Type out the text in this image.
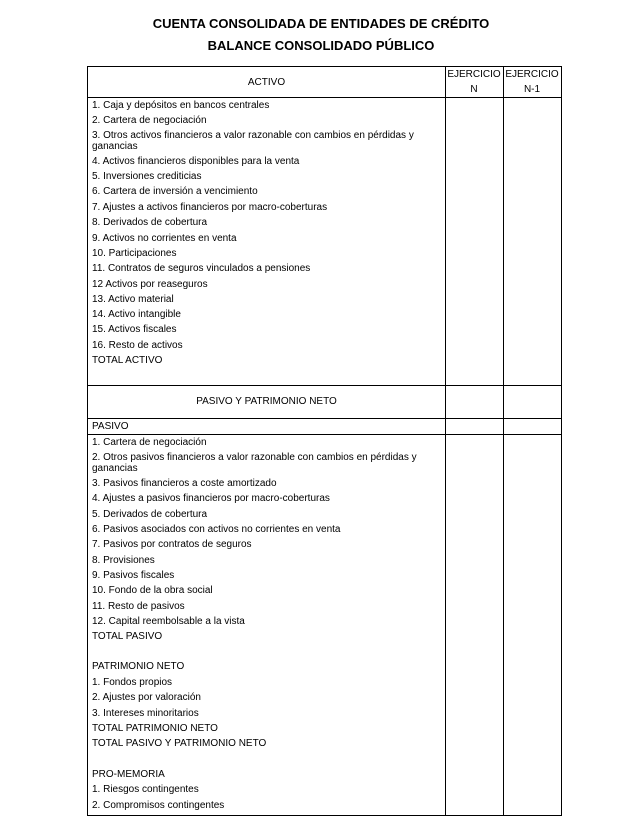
CUENTA CONSOLIDADA DE ENTIDADES DE CRÉDITO
BALANCE CONSOLIDADO PÚBLICO
ACTIVO
EJERCICIO
N
EJERCICIO
N-1
PASIVO Y PATRIMONIO NETO
1. Caja y depósitos en bancos centrales
2. Cartera de negociación
3. Otros activos financieros a valor razonable con cambios en pérdidas y ganancias
4. Activos financieros disponibles para la venta
5. Inversiones crediticias
6. Cartera de inversión a vencimiento
7. Ajustes a activos financieros por macro-coberturas
8. Derivados de cobertura
9. Activos no corrientes en venta
10. Participaciones
11. Contratos de seguros vinculados a pensiones
12 Activos por reaseguros
13. Activo material
14. Activo intangible
15. Activos fiscales
16. Resto de activos
TOTAL ACTIVO
PASIVO
1. Cartera de negociación
2. Otros pasivos financieros a valor razonable con cambios en pérdidas y ganancias
3. Pasivos financieros a coste amortizado
4. Ajustes a pasivos financieros por macro-coberturas
5. Derivados de cobertura
6. Pasivos asociados con activos no corrientes en venta
7. Pasivos por contratos de seguros
8. Provisiones
9. Pasivos fiscales
10. Fondo de la obra social
11. Resto de pasivos
12. Capital reembolsable a la vista
TOTAL PASIVO
PATRIMONIO NETO
1. Fondos propios
2. Ajustes por valoración
3. Intereses minoritarios
TOTAL PATRIMONIO NETO
TOTAL PASIVO Y PATRIMONIO NETO
PRO-MEMORIA
1. Riesgos contingentes
2. Compromisos contingentes
